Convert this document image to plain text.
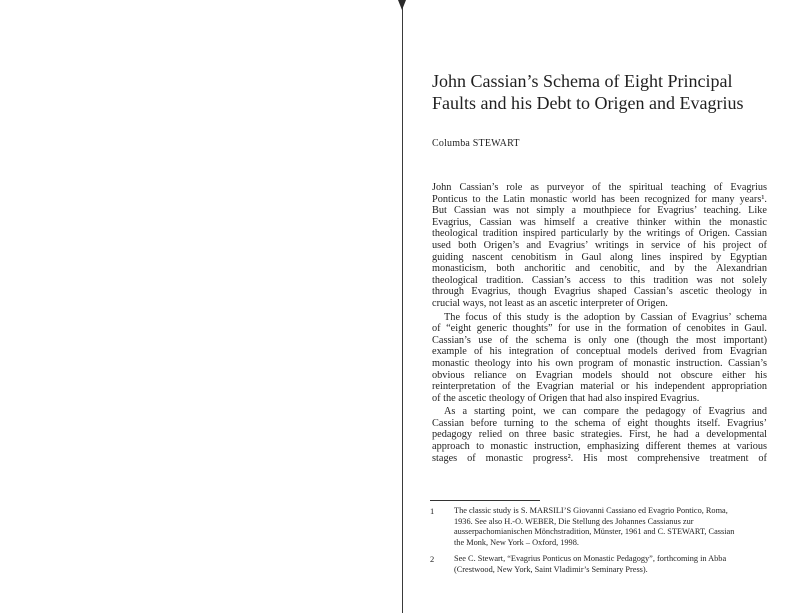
John Cassian’s Schema of Eight Principal
Faults and his Debt to Origen and Evagrius
Columba STEWART
John Cassian’s role as purveyor of the spiritual teaching of Evagrius
Ponticus to the Latin monastic world has been recognized for many years¹.
But Cassian was not simply a mouthpiece for Evagrius’ teaching. Like
Evagrius, Cassian was himself a creative thinker within the monastic
theological tradition inspired particularly by the writings of Origen. Cassian
used both Origen’s and Evagrius’ writings in service of his project of
guiding nascent cenobitism in Gaul along lines inspired by Egyptian
monasticism, both anchoritic and cenobitic, and by the Alexandrian
theological tradition. Cassian’s access to this tradition was not solely
through Evagrius, though Evagrius shaped Cassian’s ascetic theology in
crucial ways, not least as an ascetic interpreter of Origen.
The focus of this study is the adoption by Cassian of Evagrius’ schema
of “eight generic thoughts” for use in the formation of cenobites in Gaul.
Cassian’s use of the schema is only one (though the most important)
example of his integration of conceptual models derived from Evagrian
monastic theology into his own program of monastic instruction. Cassian’s
obvious reliance on Evagrian models should not obscure either his
reinterpretation of the Evagrian material or his independent appropriation
of the ascetic theology of Origen that had also inspired Evagrius.
As a starting point, we can compare the pedagogy of Evagrius and
Cassian before turning to the schema of eight thoughts itself. Evagrius’
pedagogy relied on three basic strategies. First, he had a developmental
approach to monastic instruction, emphasizing different themes at various
stages of monastic progress². His most comprehensive treatment of
1 The classic study is S. MARSILI’S Giovanni Cassiano ed Evagrio Pontico, Roma,
1936. See also H.-O. WEBER, Die Stellung des Johannes Cassianus zur
ausserpachomianischen Mönchstradition, Münster, 1961 and C. STEWART, Cassian
the Monk, New York – Oxford, 1998.
2 See C. Stewart, “Evagrius Ponticus on Monastic Pedagogy”, forthcoming in Abba
(Crestwood, New York, Saint Vladimir’s Seminary Press).
